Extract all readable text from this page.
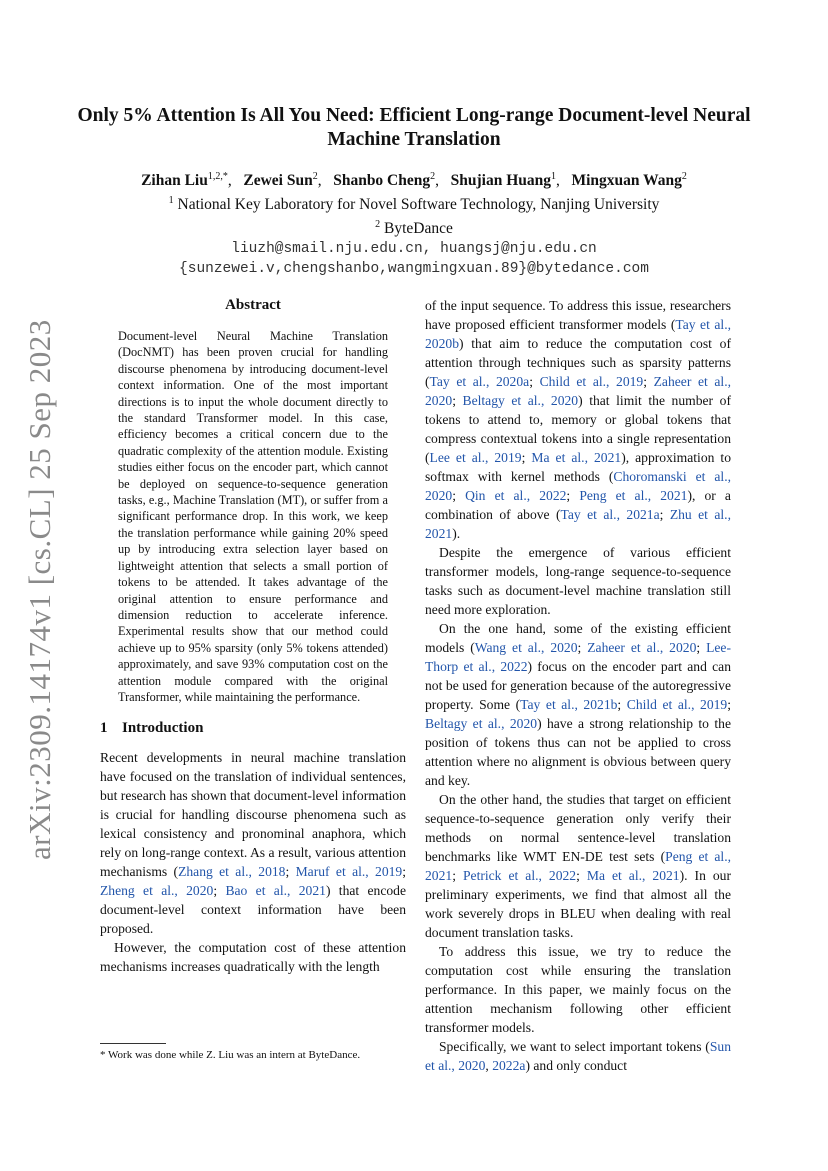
arXiv:2309.14174v1 [cs.CL] 25 Sep 2023
Only 5% Attention Is All You Need: Efficient Long-range Document-level Neural Machine Translation
Zihan Liu$^{1,2,*}$,   Zewei Sun$^2$,   Shanbo Cheng$^2$,   Shujian Huang$^1$,   Mingxuan Wang$^2$
$^1$ National Key Laboratory for Novel Software Technology, Nanjing University
$^2$ ByteDance
liuzh@smail.nju.edu.cn, huangsj@nju.edu.cn
{sunzewei.v,chengshanbo,wangmingxuan.89}@bytedance.com
Abstract

Document-level Neural Machine Translation (DocNMT) has been proven crucial for handling discourse phenomena by introducing document-level context information. One of the most important directions is to input the whole document directly to the standard Transformer model. In this case, efficiency becomes a critical concern due to the quadratic complexity of the attention module. Existing studies either focus on the encoder part, which cannot be deployed on sequence-to-sequence generation tasks, e.g., Machine Translation (MT), or suffer from a significant performance drop. In this work, we keep the translation performance while gaining 20% speed up by introducing extra selection layer based on lightweight attention that selects a small portion of tokens to be attended. It takes advantage of the original attention to ensure performance and dimension reduction to accelerate inference. Experimental results show that our method could achieve up to 95% sparsity (only 5% tokens attended) approximately, and save 93% computation cost on the attention module compared with the original Transformer, while maintaining the performance.

1 Introduction

Recent developments in neural machine translation have focused on the translation of individual sentences, but research has shown that document-level information is crucial for handling discourse phenomena such as lexical consistency and pronominal anaphora, which rely on long-range context. As a result, various attention mechanisms (Zhang et al., 2018; Maruf et al., 2019; Zheng et al., 2020; Bao et al., 2021) that encode document-level context information have been proposed.

However, the computation cost of these attention mechanisms increases quadratically with the length

of the input sequence. To address this issue, researchers have proposed efficient transformer models (Tay et al., 2020b) that aim to reduce the computation cost of attention through techniques such as sparsity patterns (Tay et al., 2020a; Child et al., 2019; Zaheer et al., 2020; Beltagy et al., 2020) that limit the number of tokens to attend to, memory or global tokens that compress contextual tokens into a single representation (Lee et al., 2019; Ma et al., 2021), approximation to softmax with kernel methods (Choromanski et al., 2020; Qin et al., 2022; Peng et al., 2021), or a combination of above (Tay et al., 2021a; Zhu et al., 2021).

Despite the emergence of various efficient transformer models, long-range sequence-to-sequence tasks such as document-level machine translation still need more exploration.

On the one hand, some of the existing efficient models (Wang et al., 2020; Zaheer et al., 2020; Lee-Thorp et al., 2022) focus on the encoder part and can not be used for generation because of the autoregressive property. Some (Tay et al., 2021b; Child et al., 2019; Beltagy et al., 2020) have a strong relationship to the position of tokens thus can not be applied to cross attention where no alignment is obvious between query and key.

On the other hand, the studies that target on efficient sequence-to-sequence generation only verify their methods on normal sentence-level translation benchmarks like WMT EN-DE test sets (Peng et al., 2021; Petrick et al., 2022; Ma et al., 2021). In our preliminary experiments, we find that almost all the work severely drops in BLEU when dealing with real document translation tasks.

To address this issue, we try to reduce the computation cost while ensuring the translation performance. In this paper, we mainly focus on the attention mechanism following other efficient transformer models.

Specifically, we want to select important tokens (Sun et al., 2020, 2022a) and only conduct

* Work was done while Z. Liu was an intern at ByteDance.
